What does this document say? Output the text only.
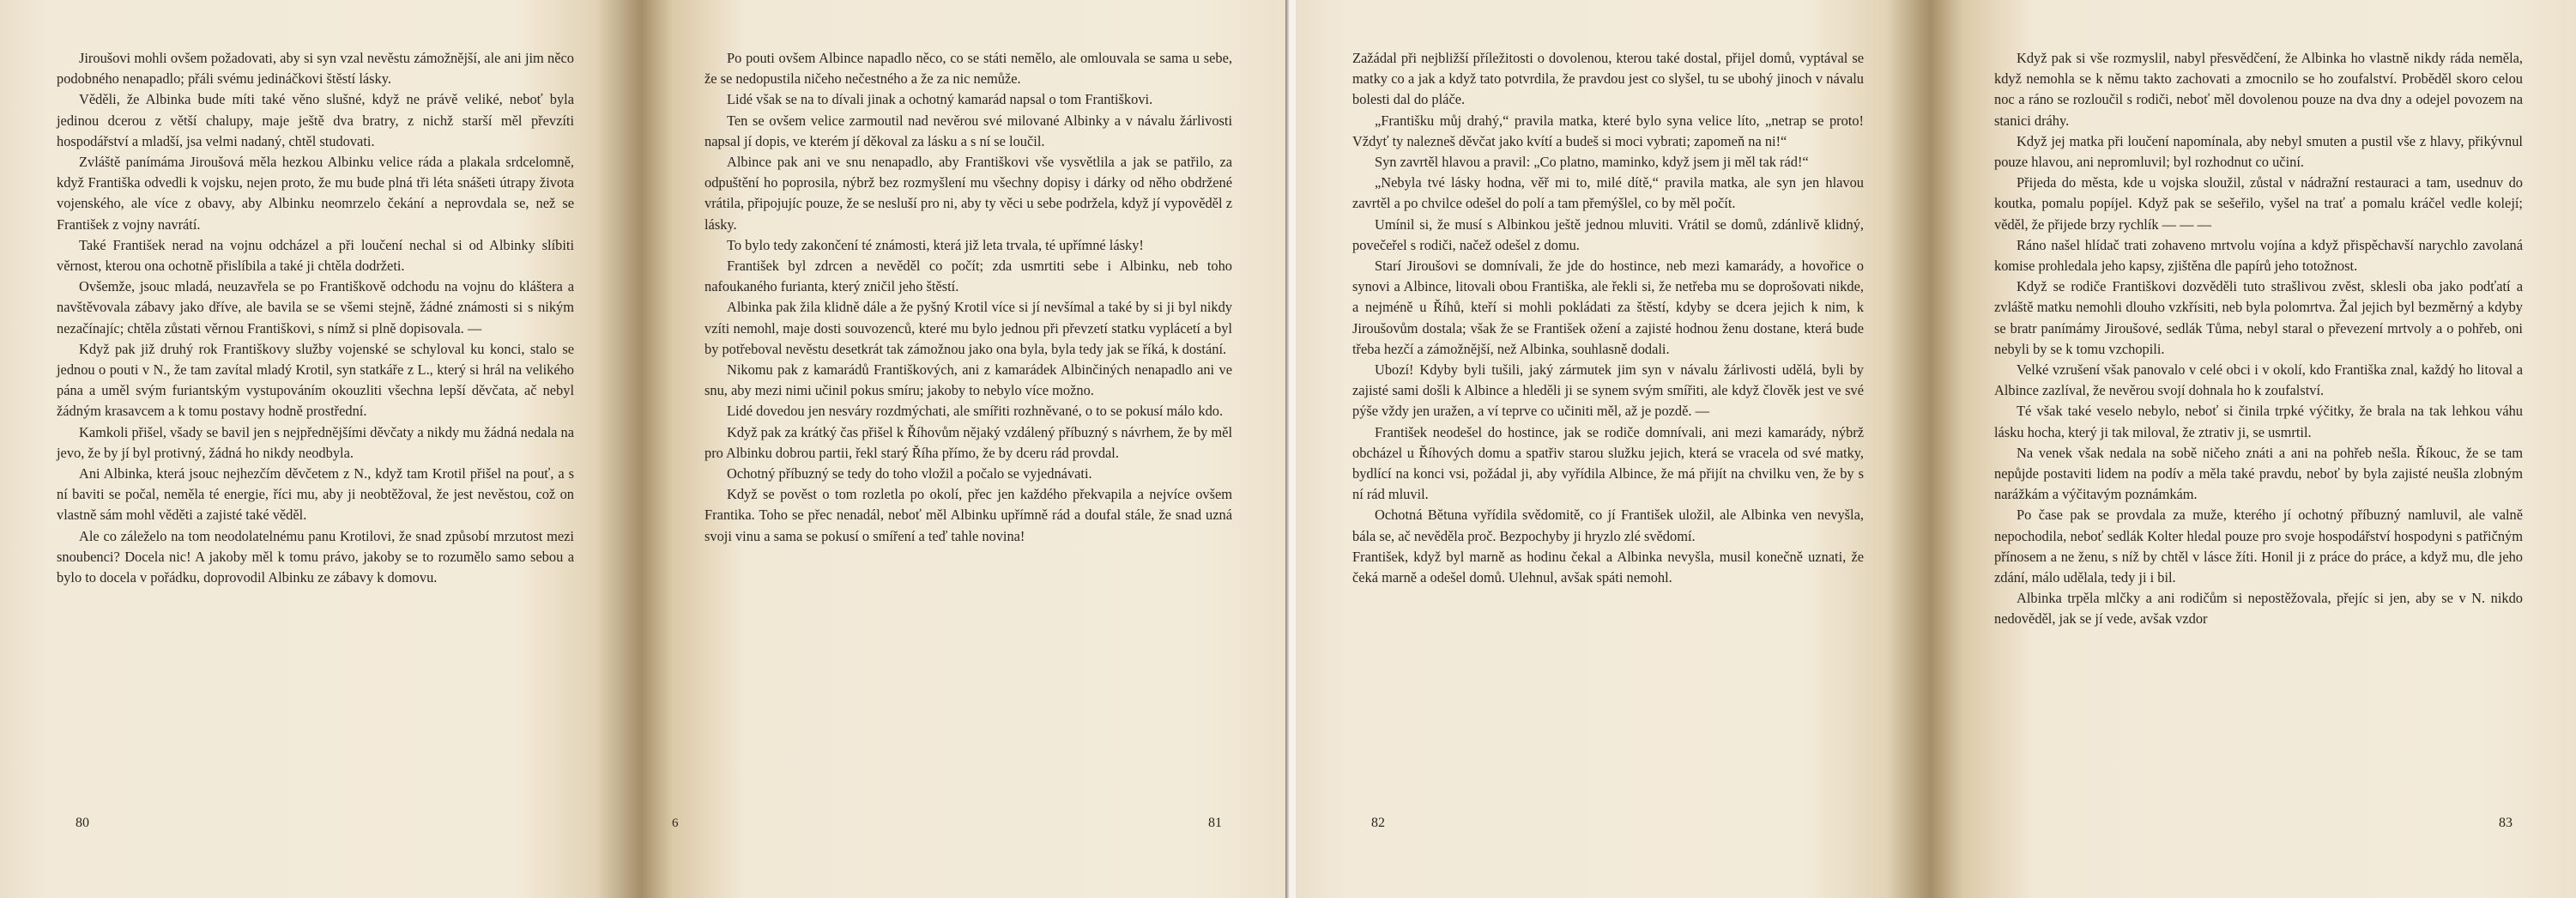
Jiroušovi mohli ovšem požadovati, aby si syn vzal nevěstu zámožnější, ale ani jim něco podobného nenapadlo; přáli svému jedináčkovi štěstí lásky.

Věděli, že Albinka bude míti také věno slušné, když ne právě veliké, neboť byla jedinou dcerou z větší chalupy, maje ještě dva bratry, z nichž starší měl převzíti hospodářství a mladší, jsa velmi nadaný, chtěl studovati.

Zvláště panímáma Jiroušová měla hezkou Albinku velice ráda a plakala srdcelomně, když Františka odvedli k vojsku, nejen proto, že mu bude plná tři léta snášeti útrapy života vojenského, ale více z obavy, aby Albinku neomrzelo čekání a neprovdala se, než se František z vojny navrátí.

Také František nerad na vojnu odcházel a při loučení nechal si od Albinky slíbiti věrnost, kterou ona ochotně přislíbila a také ji chtěla dodržeti.

Ovšemže, jsouc mladá, neuzavřela se po Františkově odchodu na vojnu do kláštera a navštěvovala zábavy jako dříve, ale bavila se se všemi stejně, žádné známosti si s nikým nezačínajíc; chtěla zůstati věrnou Františkovi, s nímž si plně dopisovala. —

Když pak již druhý rok Františkovy služby vojenské se schyloval ku konci, stalo se jednou o pouti v N., že tam zavítal mladý Krotil, syn statkáře z L., který si hrál na velikého pána a uměl svým furiantským vystupováním okouzliti všechna lepší děvčata, ač nebyl žádným krasavcem a k tomu postavy hodně prostřední.

Kamkoli přišel, všady se bavil jen s nejpřednějšími děvčaty a nikdy mu žádná nedala na jevo, že by jí byl protivný, žádná ho nikdy neodbyla.

Ani Albinka, která jsouc nejhezčím děvčetem z N., když tam Krotil přišel na pouť, a s ní baviti se počal, neměla té energie, říci mu, aby ji neobtěžoval, že jest nevěstou, což on vlastně sám mohl věděti a zajisté také věděl.

Ale co záleželo na tom neodolatelnému panu Krotilovi, že snad způsobí mrzutost mezi snoubenci? Docela nic! A jakoby měl k tomu právo, jakoby se to rozumělo samo sebou a bylo to docela v pořádku, doprovodil Albinku ze zábavy k domovu.

80

Po pouti ovšem Albince napadlo něco, co se státi nemělo, ale omlouvala se sama u sebe, že se nedopustila ničeho nečestného a že za nic nemůže.

Lidé však se na to dívali jinak a ochotný kamarád napsal o tom Františkovi.

Ten se ovšem velice zarmoutil nad nevěrou své milované Albinky a v návalu žárlivosti napsal jí dopis, ve kterém jí děkoval za lásku a s ní se loučil.

Albince pak ani ve snu nenapadlo, aby Františkovi vše vysvětlila a jak se patřilo, za odpuštění ho poprosila, nýbrž bez rozmyšlení mu všechny dopisy i dárky od něho obdržené vrátila, připojujíc pouze, že se nesluší pro ni, aby ty věci u sebe podržela, když jí vypověděl z lásky.

To bylo tedy zakončení té známosti, která již leta trvala, té upřímné lásky!

František byl zdrcen a nevěděl co počít; zda usmrtiti sebe i Albinku, neb toho nafoukaného furianta, který zničil jeho štěstí.

Albinka pak žila klidně dále a že pyšný Krotil více si jí nevšímal a také by si ji byl nikdy vzíti nemohl, maje dosti souvozenců, které mu bylo jednou při převzetí statku vyplácetí a byl by potřeboval nevěstu desetkrát tak zámožnou jako ona byla, byla tedy jak se říká, k dostání.

Nikomu pak z kamarádů Františkových, ani z kamarádek Albinčiných nenapadlo ani ve snu, aby mezi nimi učinil pokus smíru; jakoby to nebylo více možno.

Lidé dovedou jen nesváry rozdmýchati, ale smířiti rozhněvané, o to se pokusí málo kdo.

Když pak za krátký čas přišel k Říhovům nějaký vzdálený příbuzný s návrhem, že by měl pro Albinku dobrou partii, řekl starý Říha přímo, že by dceru rád provdal.

Ochotný příbuzný se tedy do toho vložil a počalo se vyjednávati.

Když se pověst o tom rozletla po okolí, přec jen každého překvapila a nejvíce ovšem Frantika. Toho se přec nenadál, neboť měl Albinku upřímně rád a doufal stále, že snad uzná svoji vinu a sama se pokusí o smíření a teď tahle novina!

6	81

Zažádal při nejbližší příležitosti o dovolenou, kterou také dostal, přijel domů, vyptával se matky co a jak a když tato potvrdila, že pravdou jest co slyšel, tu se ubohý jinoch v návalu bolesti dal do pláče.

„Františku můj drahý,“ pravila matka, které bylo syna velice líto, „netrap se proto! Vždyť ty nalezneš děvčat jako kvítí a budeš si moci vybrati; zapomeň na ni!“

Syn zavrtěl hlavou a pravil: „Co platno, maminko, když jsem ji měl tak rád!“

„Nebyla tvé lásky hodna, věř mi to, milé dítě,“ pravila matka, ale syn jen hlavou zavrtěl a po chvilce odešel do polí a tam přemýšlel, co by měl počít.

Umínil si, že musí s Albinkou ještě jednou mluviti. Vrátil se domů, zdánlivě klidný, povečeřel s rodiči, načež odešel z domu.

Starí Jiroušovi se domnívali, že jde do hostince, neb mezi kamarády, a hovořice o synovi a Albince, litovali obou Františka, ale řekli si, že netřeba mu se doprošovati nikde, a nejméně u Říhů, kteří si mohli pokládati za štěstí, kdyby se dcera jejich k nim, k Jiroušovům dostala; však že se František ožení a zajisté hodnou ženu dostane, která bude třeba hezčí a zámožnější, než Albinka, souhlasně dodali.

Ubozí! Kdyby byli tušili, jaký zármutek jim syn v návalu žárlivosti udělá, byli by zajisté sami došli k Albince a hleděli ji se synem svým smířiti, ale když člověk jest ve své pýše vždy jen uražen, a ví teprve co učiniti měl, až je pozdě. —

František neodešel do hostince, jak se rodiče domnívali, ani mezi kamarády, nýbrž obcházel u Říhových domu a spatřiv starou služku jejich, která se vracela od své matky, bydlící na konci vsi, požádal ji, aby vyřídila Albince, že má přijít na chvilku ven, že by s ní rád mluvil.

Ochotná Bětuna vyřídila svědomitě, co jí František uložil, ale Albinka ven nevyšla, bála se, ač nevěděla proč. Bezpochyby ji hryzlo zlé svědomí.

František, když byl marně as hodinu čekal a Albinka nevyšla, musil konečně uznati, že čeká marně a odešel domů. Ulehnul, avšak spáti nemohl.

82

Když pak si vše rozmyslil, nabyl přesvědčení, že Albinka ho vlastně nikdy ráda neměla, když nemohla se k němu takto zachovati a zmocnilo se ho zoufalství. Proběděl skoro celou noc a ráno se rozloučil s rodiči, neboť měl dovolenou pouze na dva dny a odejel povozem na stanici dráhy.

Když jej matka při loučení napomínala, aby nebyl smuten a pustil vše z hlavy, přikývnul pouze hlavou, ani nepromluvil; byl rozhodnut co učiní.

Přijeda do města, kde u vojska sloužil, zůstal v nádražní restauraci a tam, usednuv do koutka, pomalu popíjel. Když pak se sešeřilo, vyšel na trať a pomalu kráčel vedle kolejí; věděl, že přijede brzy rychlík — — —

Ráno našel hlídač trati zohaveno mrtvolu vojína a když přispěchavší narychlo zavolaná komise prohledala jeho kapsy, zjištěna dle papírů jeho totožnost.

Když se rodiče Františkovi dozvěděli tuto strašlivou zvěst, sklesli oba jako podťatí a zvláště matku nemohli dlouho vzkřísiti, neb byla polomrtva. Žal jejich byl bezměrný a kdyby se bratr panímámy Jiroušové, sedlák Tůma, nebyl staral o převezení mrtvoly a o pohřeb, oni nebyli by se k tomu vzchopili.

Velké vzrušení však panovalo v celé obci i v okolí, kdo Františka znal, každý ho litoval a Albince zazlíval, že nevěrou svojí dohnala ho k zoufalství.

Té však také veselo nebylo, neboť si činila trpké výčitky, že brala na tak lehkou váhu lásku hocha, který ji tak miloval, že ztrativ ji, se usmrtil.

Na venek však nedala na sobě ničeho znáti a ani na pohřeb nešla. Říkouc, že se tam nepůjde postaviti lidem na podív a měla také pravdu, neboť by byla zajisté neušla zlobným narážkám a výčitavým poznámkám.

Po čase pak se provdala za muže, kterého jí ochotný příbuzný namluvil, ale valně nepochodila, neboť sedlák Kolter hledal pouze pro svoje hospodářství hospodyni s patřičným přínosem a ne ženu, s níž by chtěl v lásce žíti. Honil ji z práce do práce, a když mu, dle jeho zdání, málo udělala, tedy ji i bil.

Albinka trpěla mlčky a ani rodičům si nepostěžovala, přejíc si jen, aby se v N. nikdo nedověděl, jak se jí vede, avšak vzdor

83
